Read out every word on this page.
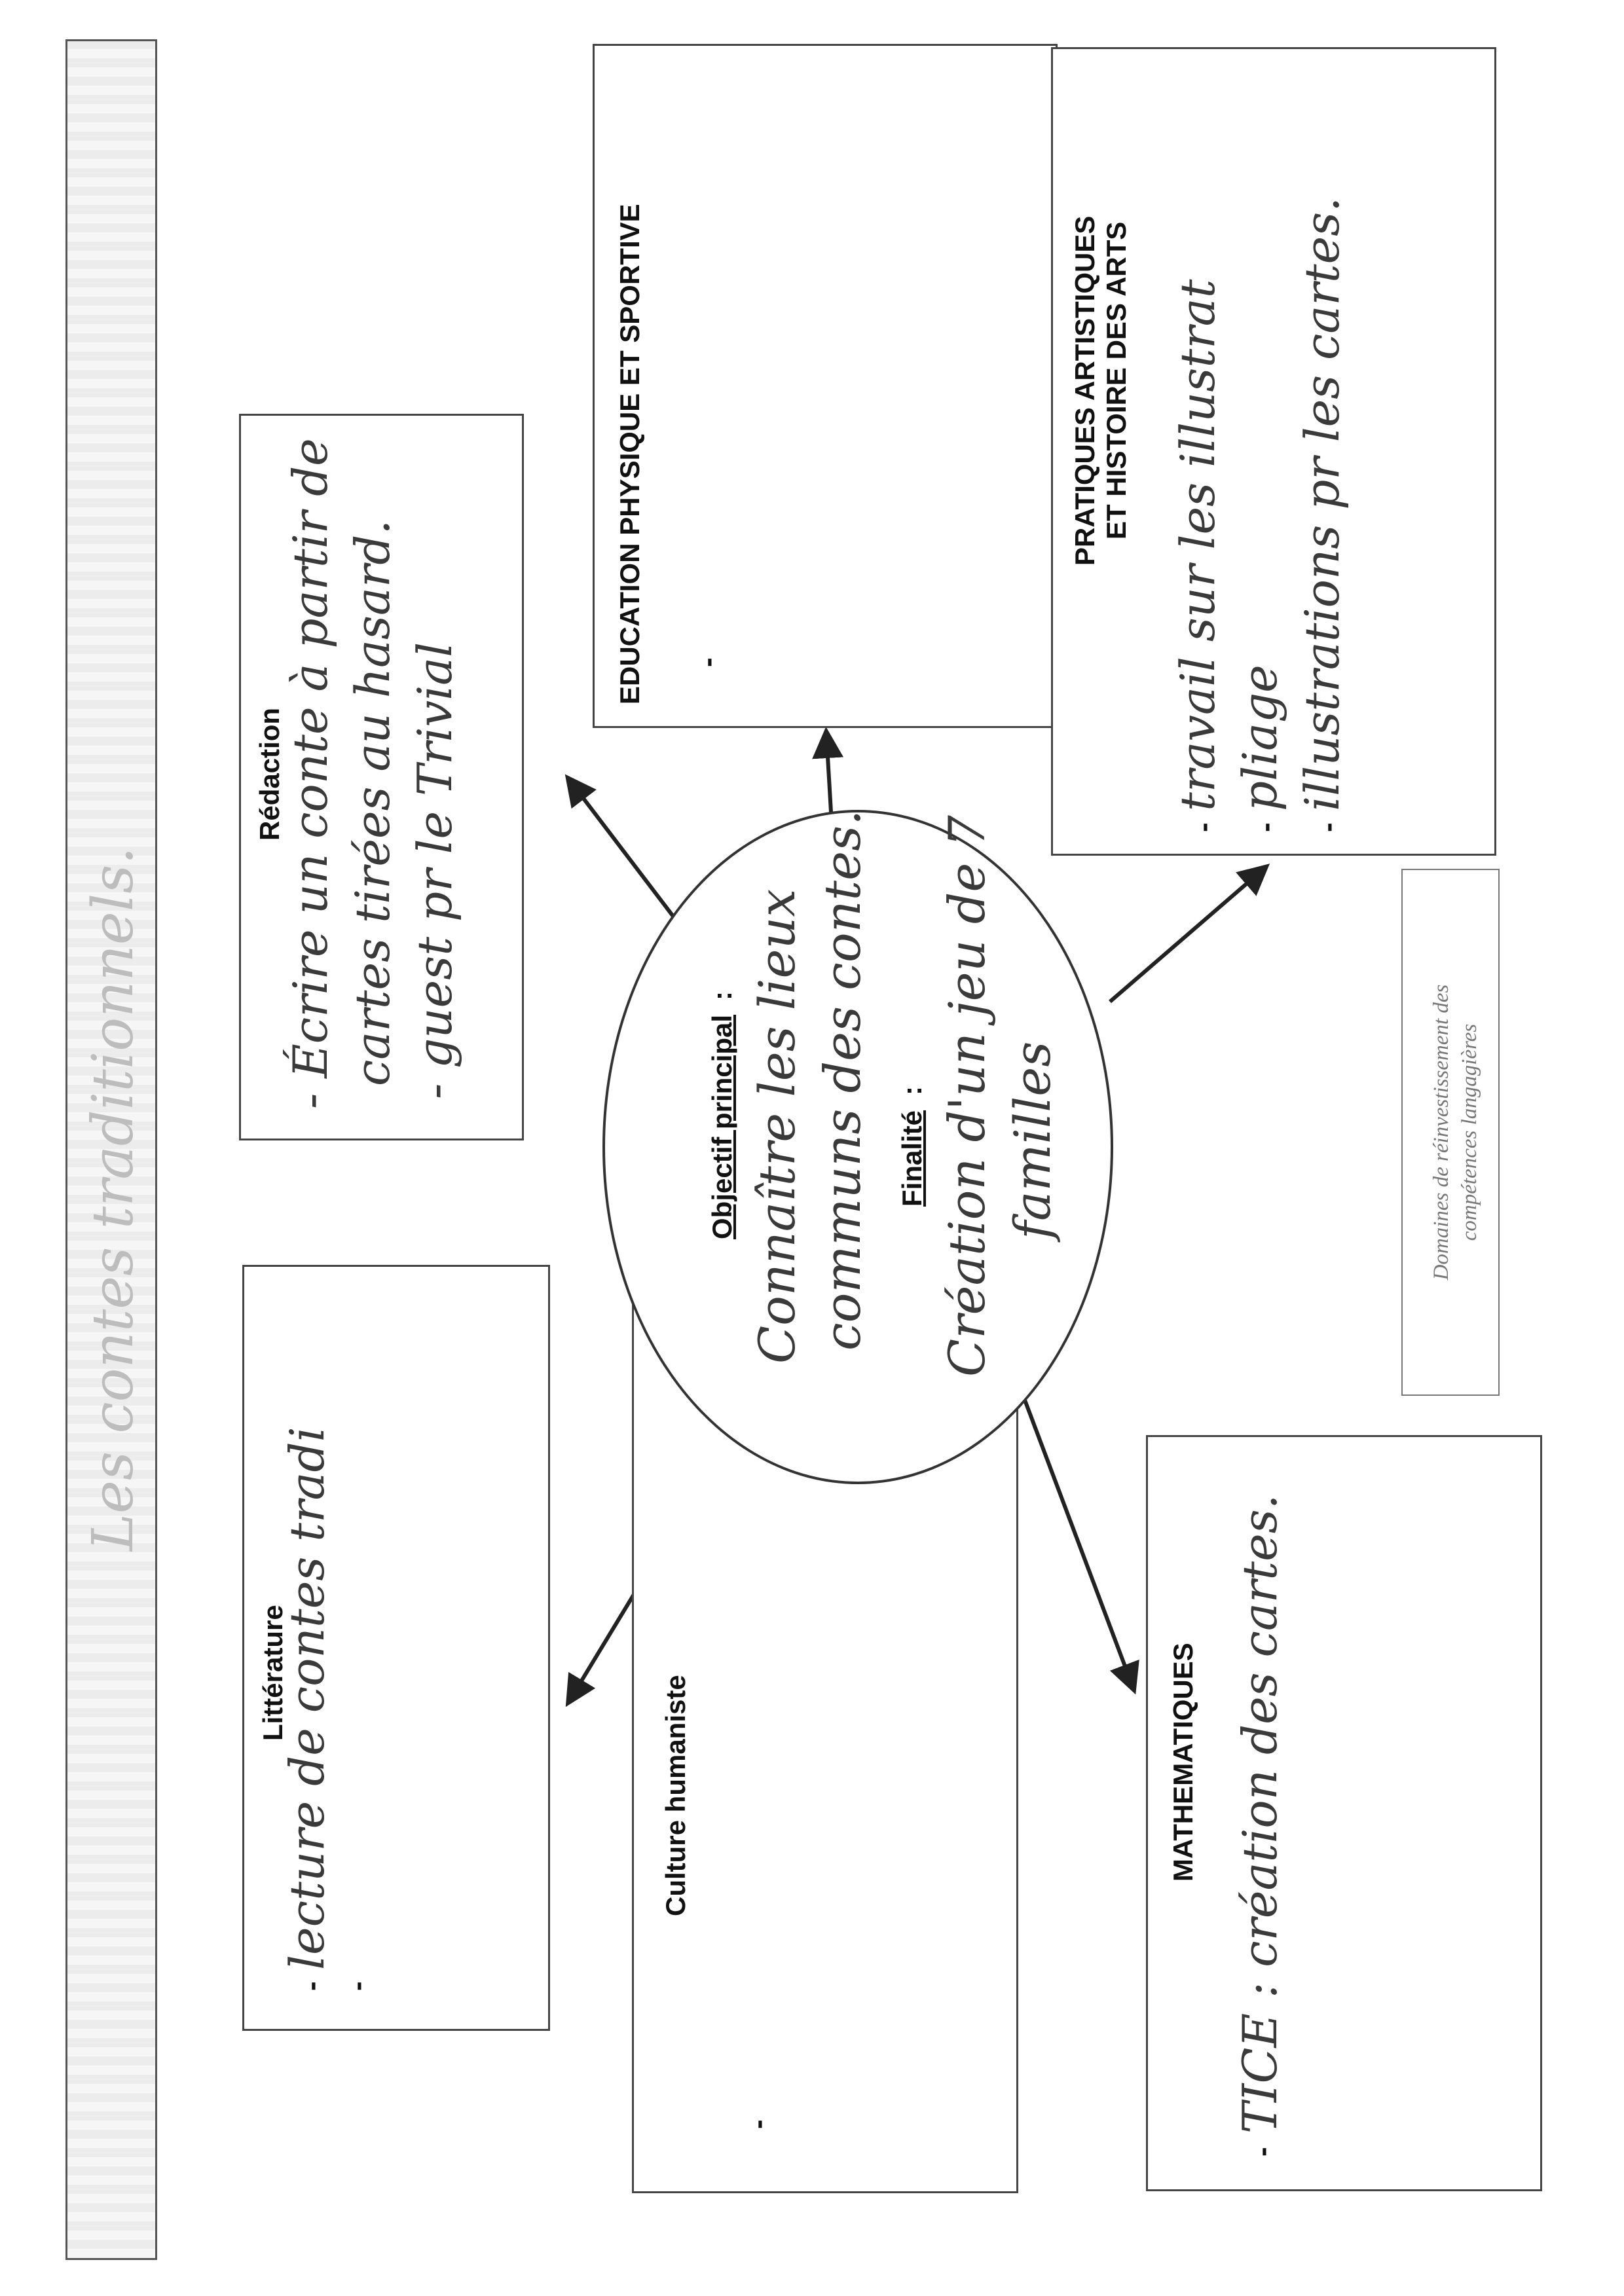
Les contes traditionnels.
Littérature
-
lecture de contes tradi
-
Rédaction
- Écrire un conte à partir de cartes tirées au hasard. - guest pr le Trivial
Culture humaniste
-
EDUCATION PHYSIQUE ET SPORTIVE -
MATHEMATIQUES
-
TICE : création des cartes.
PRATIQUES ARTISTIQUES ET HISTOIRE DES ARTS
-
travail sur les illustrat
-
pliage
-
illustrations pr les cartes.
Objectif principal
: Connaître les lieux communs des contes. Finalité
: Création d'un jeu de 7 familles	Domaines de réinvestissement des compétences langagières
